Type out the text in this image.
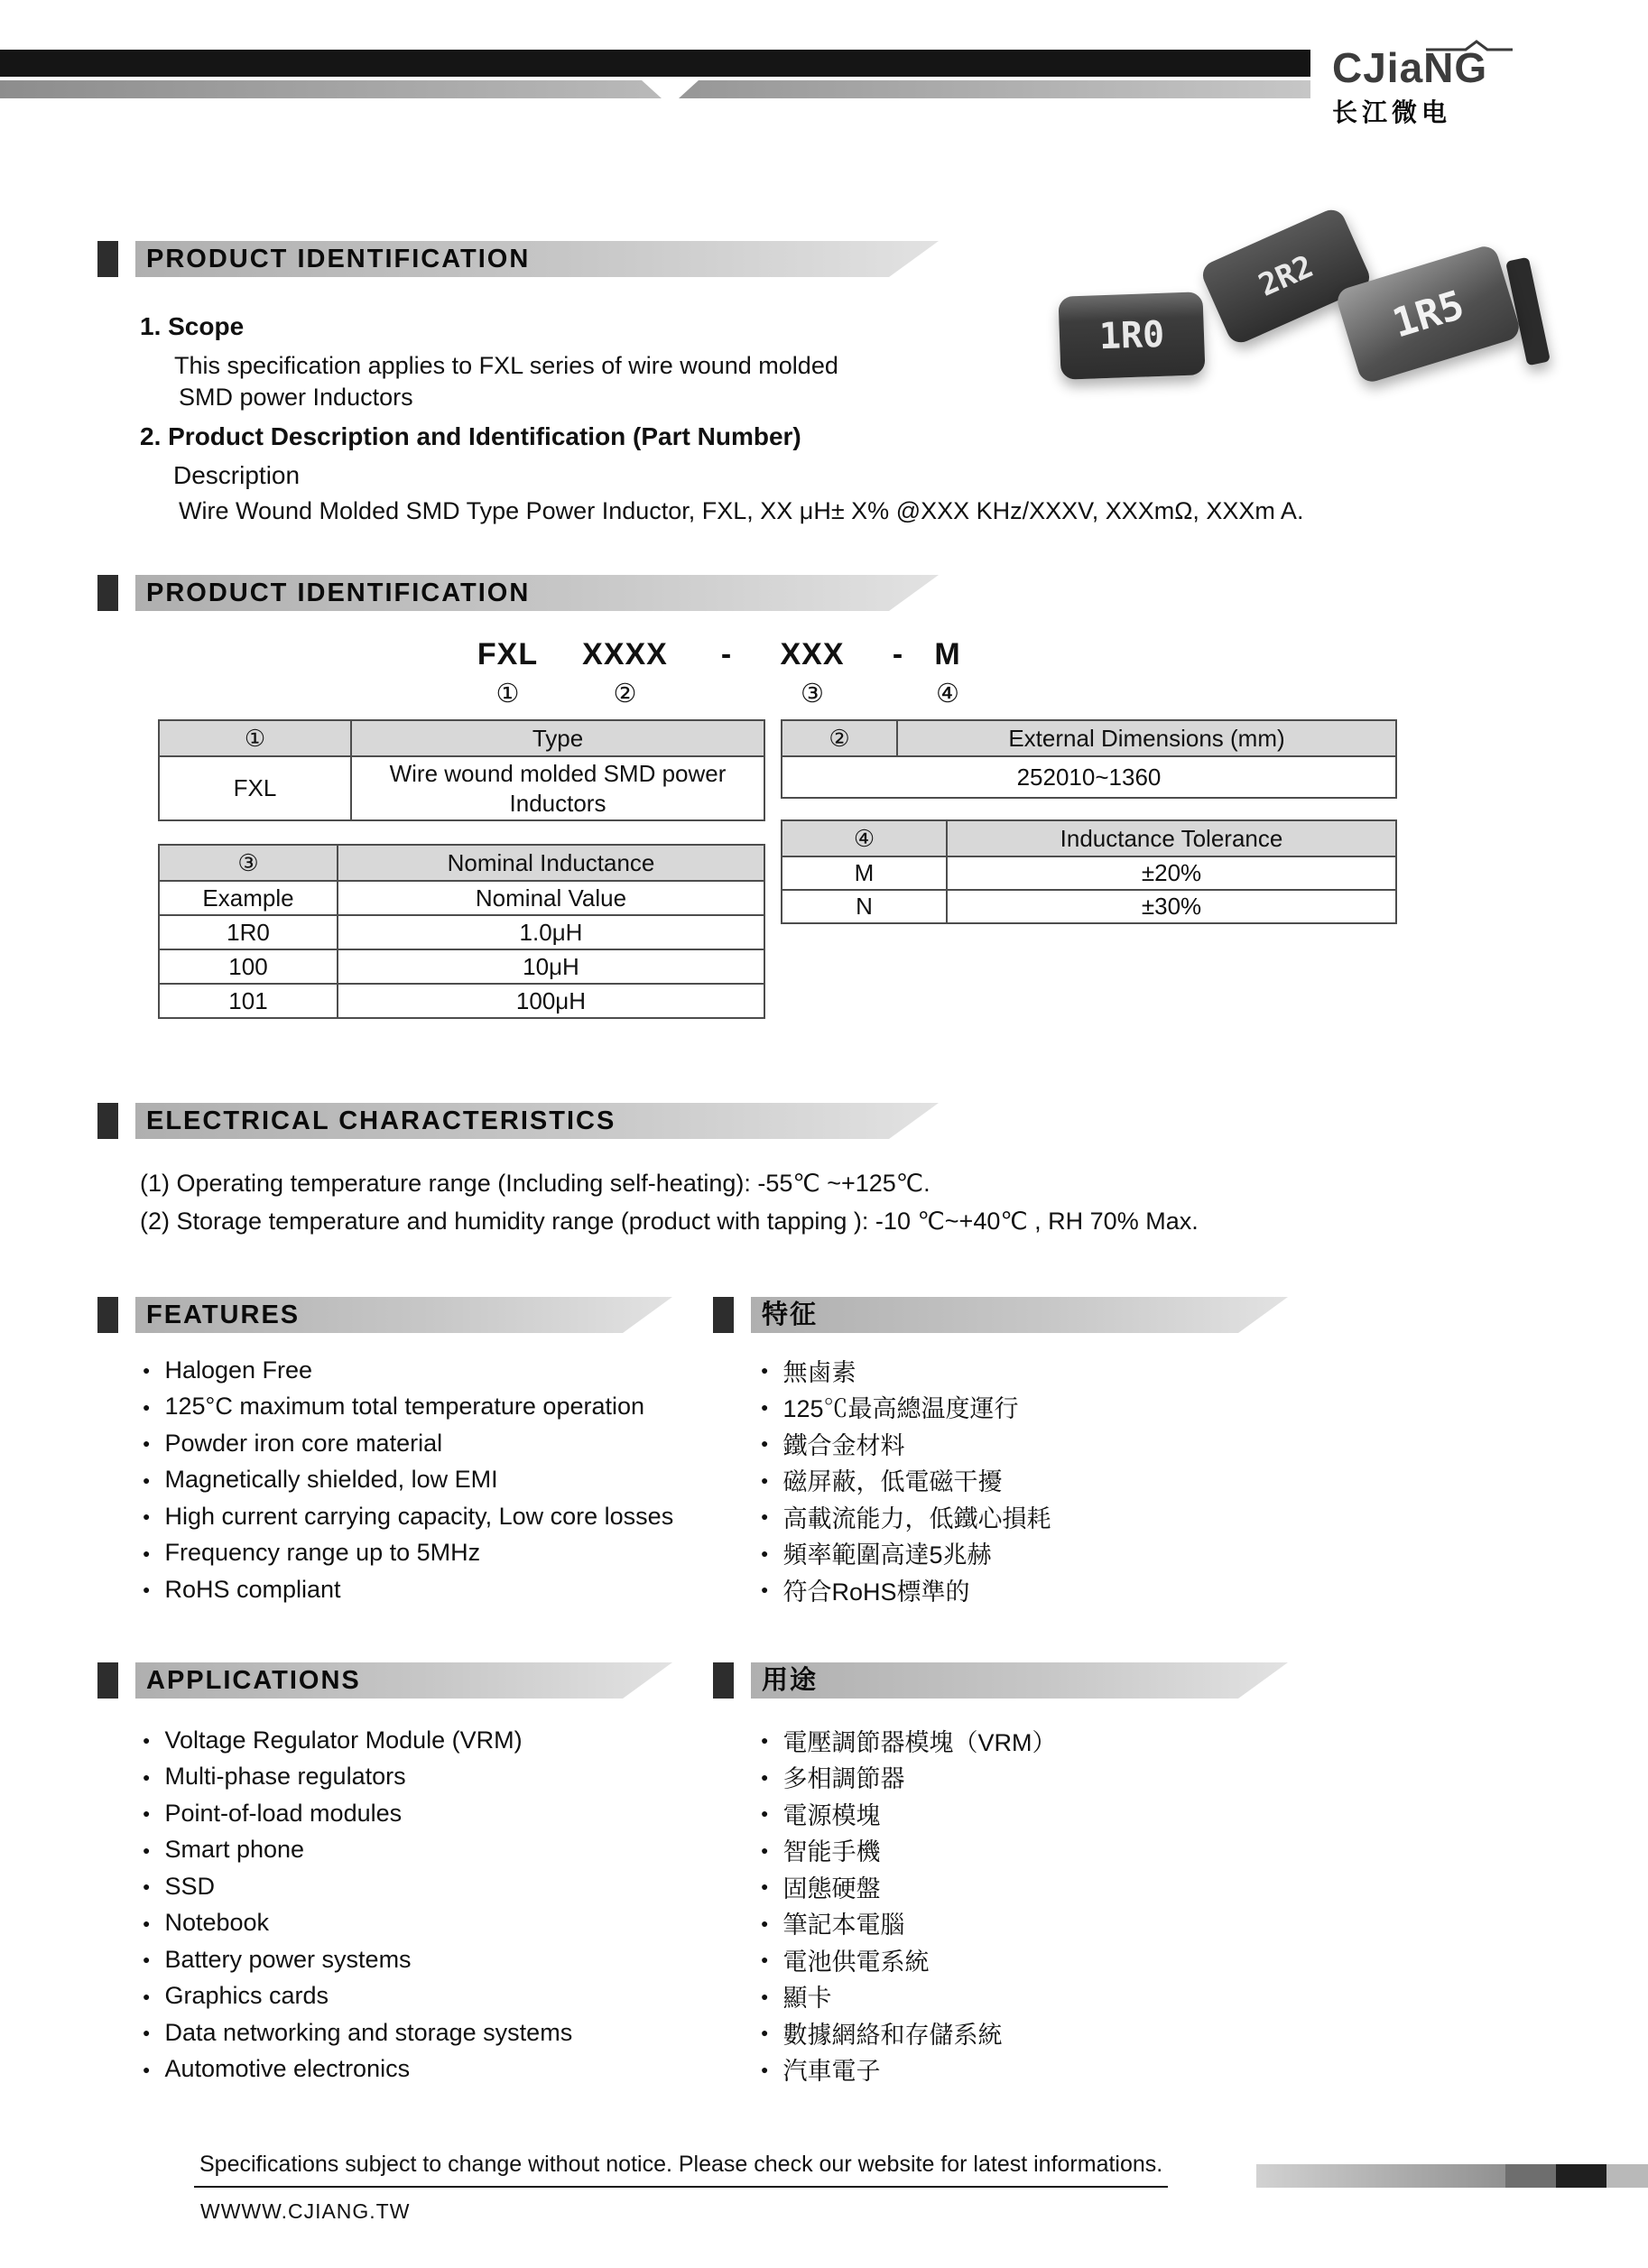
CJiaNG
长江微电
PRODUCT IDENTIFICATION
1. Scope
This specification applies to FXL series of wire wound molded
SMD power Inductors
2. Product Description and Identification (Part Number)
Description
Wire Wound Molded SMD Type Power Inductor, FXL, XX μH± X% @XXX KHz/XXXV, XXXmΩ, XXXm A.
2R2
1R5
1R0
PRODUCT IDENTIFICATION
FXL	XXXX	-	XXX	-	M
①	②	③	④
①	Type
FXL	Wire wound molded SMD power Inductors
②	External Dimensions (mm)
252010~1360
④	Inductance Tolerance
M	±20%
N	±30%
③	Nominal Inductance
Example	Nominal Value
1R0	1.0μH
100	10μH
101	100μH
ELECTRICAL CHARACTERISTICS
(1) Operating temperature range (Including self-heating): -55℃ ~+125℃.
(2) Storage temperature and humidity range (product with tapping ): -10 ℃~+40℃ , RH 70% Max.
FEATURES	特征
● Halogen Free
● 125°C maximum total temperature operation
● Powder iron core material
● Magnetically shielded, low EMI
● High current carrying capacity, Low core losses
● Frequency range up to 5MHz
● RoHS compliant
● 無鹵素
● 125℃最高總温度運行
● 鐵合金材料
● 磁屏蔽，低電磁干擾
● 高載流能力，低鐵心損耗
● 頻率範圍高達5兆赫
● 符合RoHS標準的
APPLICATIONS	用途
● Voltage Regulator Module (VRM)
● Multi-phase regulators
● Point-of-load modules
● Smart phone
● SSD
● Notebook
● Battery power systems
● Graphics cards
● Data networking and storage systems
● Automotive electronics
● 電壓調節器模塊（VRM）
● 多相調節器
● 電源模塊
● 智能手機
● 固態硬盤
● 筆記本電腦
● 電池供電系統
● 顯卡
● 數據網絡和存儲系統
● 汽車電子
Specifications subject to change without notice. Please check our website for latest informations.
WWWW.CJIANG.TW
